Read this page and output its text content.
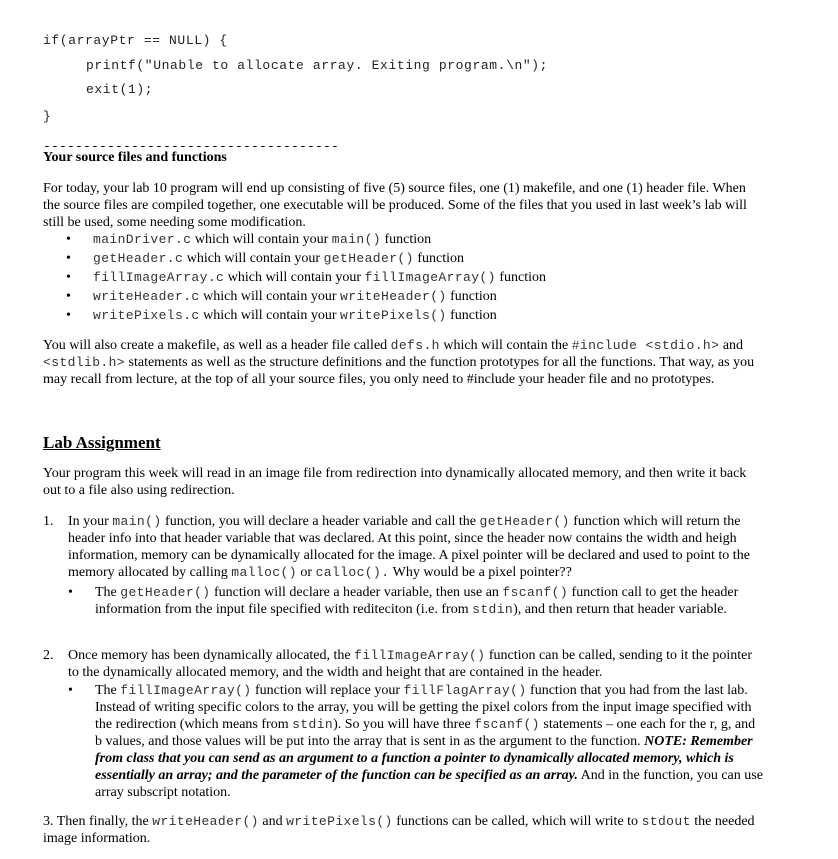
if(arrayPtr == NULL) {
printf("Unable to allocate array. Exiting program.\n");
exit(1);
}
-------------------------------------
Your source files and functions
For today, your lab 10 program will end up consisting of five (5) source files, one (1) makefile, and one (1) header file. When the source files are compiled together, one executable will be produced. Some of the files that you used in last week’s lab will still be used, some needing some modification.
• mainDriver.c which will contain your main() function
• getHeader.c which will contain your getHeader() function
• fillImageArray.c which will contain your fillImageArray() function
• writeHeader.c which will contain your writeHeader() function
• writePixels.c which will contain your writePixels() function
You will also create a makefile, as well as a header file called defs.h which will contain the #include <stdio.h> and <stdlib.h> statements as well as the structure definitions and the function prototypes for all the functions. That way, as you may recall from lecture, at the top of all your source files, you only need to #include your header file and no prototypes.
Lab Assignment
Your program this week will read in an image file from redirection into dynamically allocated memory, and then write it back out to a file also using redirection.
1. In your main() function, you will declare a header variable and call the getHeader() function which will return the header info into that header variable that was declared. At this point, since the header now contains the width and heigh information, memory can be dynamically allocated for the image. A pixel pointer will be declared and used to point to the memory allocated by calling malloc() or calloc(). Why would be a pixel pointer??
• The getHeader() function will declare a header variable, then use an fscanf() function call to get the header information from the input file specified with rediteciton (i.e. from stdin), and then return that header variable.
2. Once memory has been dynamically allocated, the fillImageArray() function can be called, sending to it the pointer to the dynamically allocated memory, and the width and height that are contained in the header.
• The fillImageArray() function will replace your fillFlagArray() function that you had from the last lab. Instead of writing specific colors to the array, you will be getting the pixel colors from the input image specified with the redirection (which means from stdin). So you will have three fscanf() statements – one each for the r, g, and b values, and those values will be put into the array that is sent in as the argument to the function. NOTE: Remember from class that you can send as an argument to a function a pointer to dynamically allocated memory, which is essentially an array; and the parameter of the function can be specified as an array. And in the function, you can use array subscript notation.
3. Then finally, the writeHeader() and writePixels() functions can be called, which will write to stdout the needed image information.
